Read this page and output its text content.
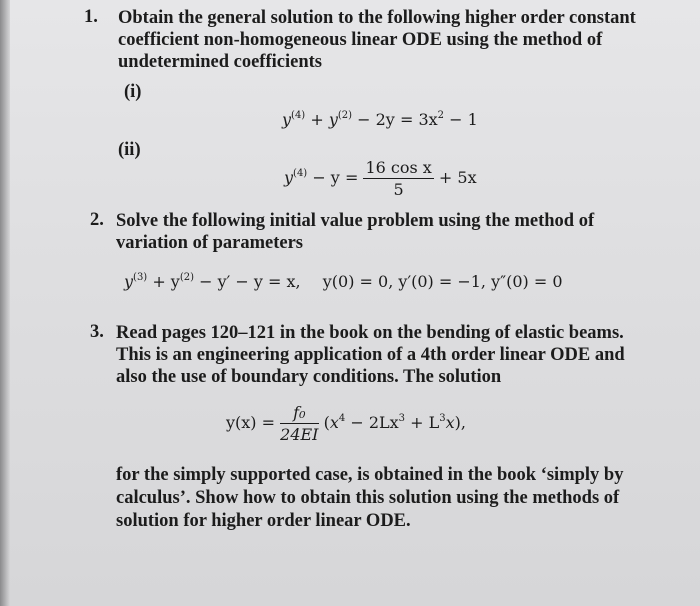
1. Obtain the general solution to the following higher order constant
coefficient non-homogeneous linear ODE using the method of
undetermined coefficients
(i)
$y^{(4)} + y^{(2)} - 2y = 3x^2 - 1$
(ii)
$y^{(4)} - y = \frac{\text{16 cos x}}{5} + 5x$
2. Solve the following initial value problem using the method of
variation of parameters
$y^{(3)} + y^{(2)} - y' - y = x$, y(0) = 0, y′(0) = −1, y″(0) = 0
3. Read pages 120–121 in the book on the bending of elastic beams.
This is an engineering application of a 4th order linear ODE and
also the use of boundary conditions. The solution
$y(x) = \frac{\text{f₀}}{24EI} (x^4 - 2Lx^3 + L^3x)$,
for the simply supported case, is obtained in the book ‘simply by
calculus’. Show how to obtain this solution using the methods of
solution for higher order linear ODE.
